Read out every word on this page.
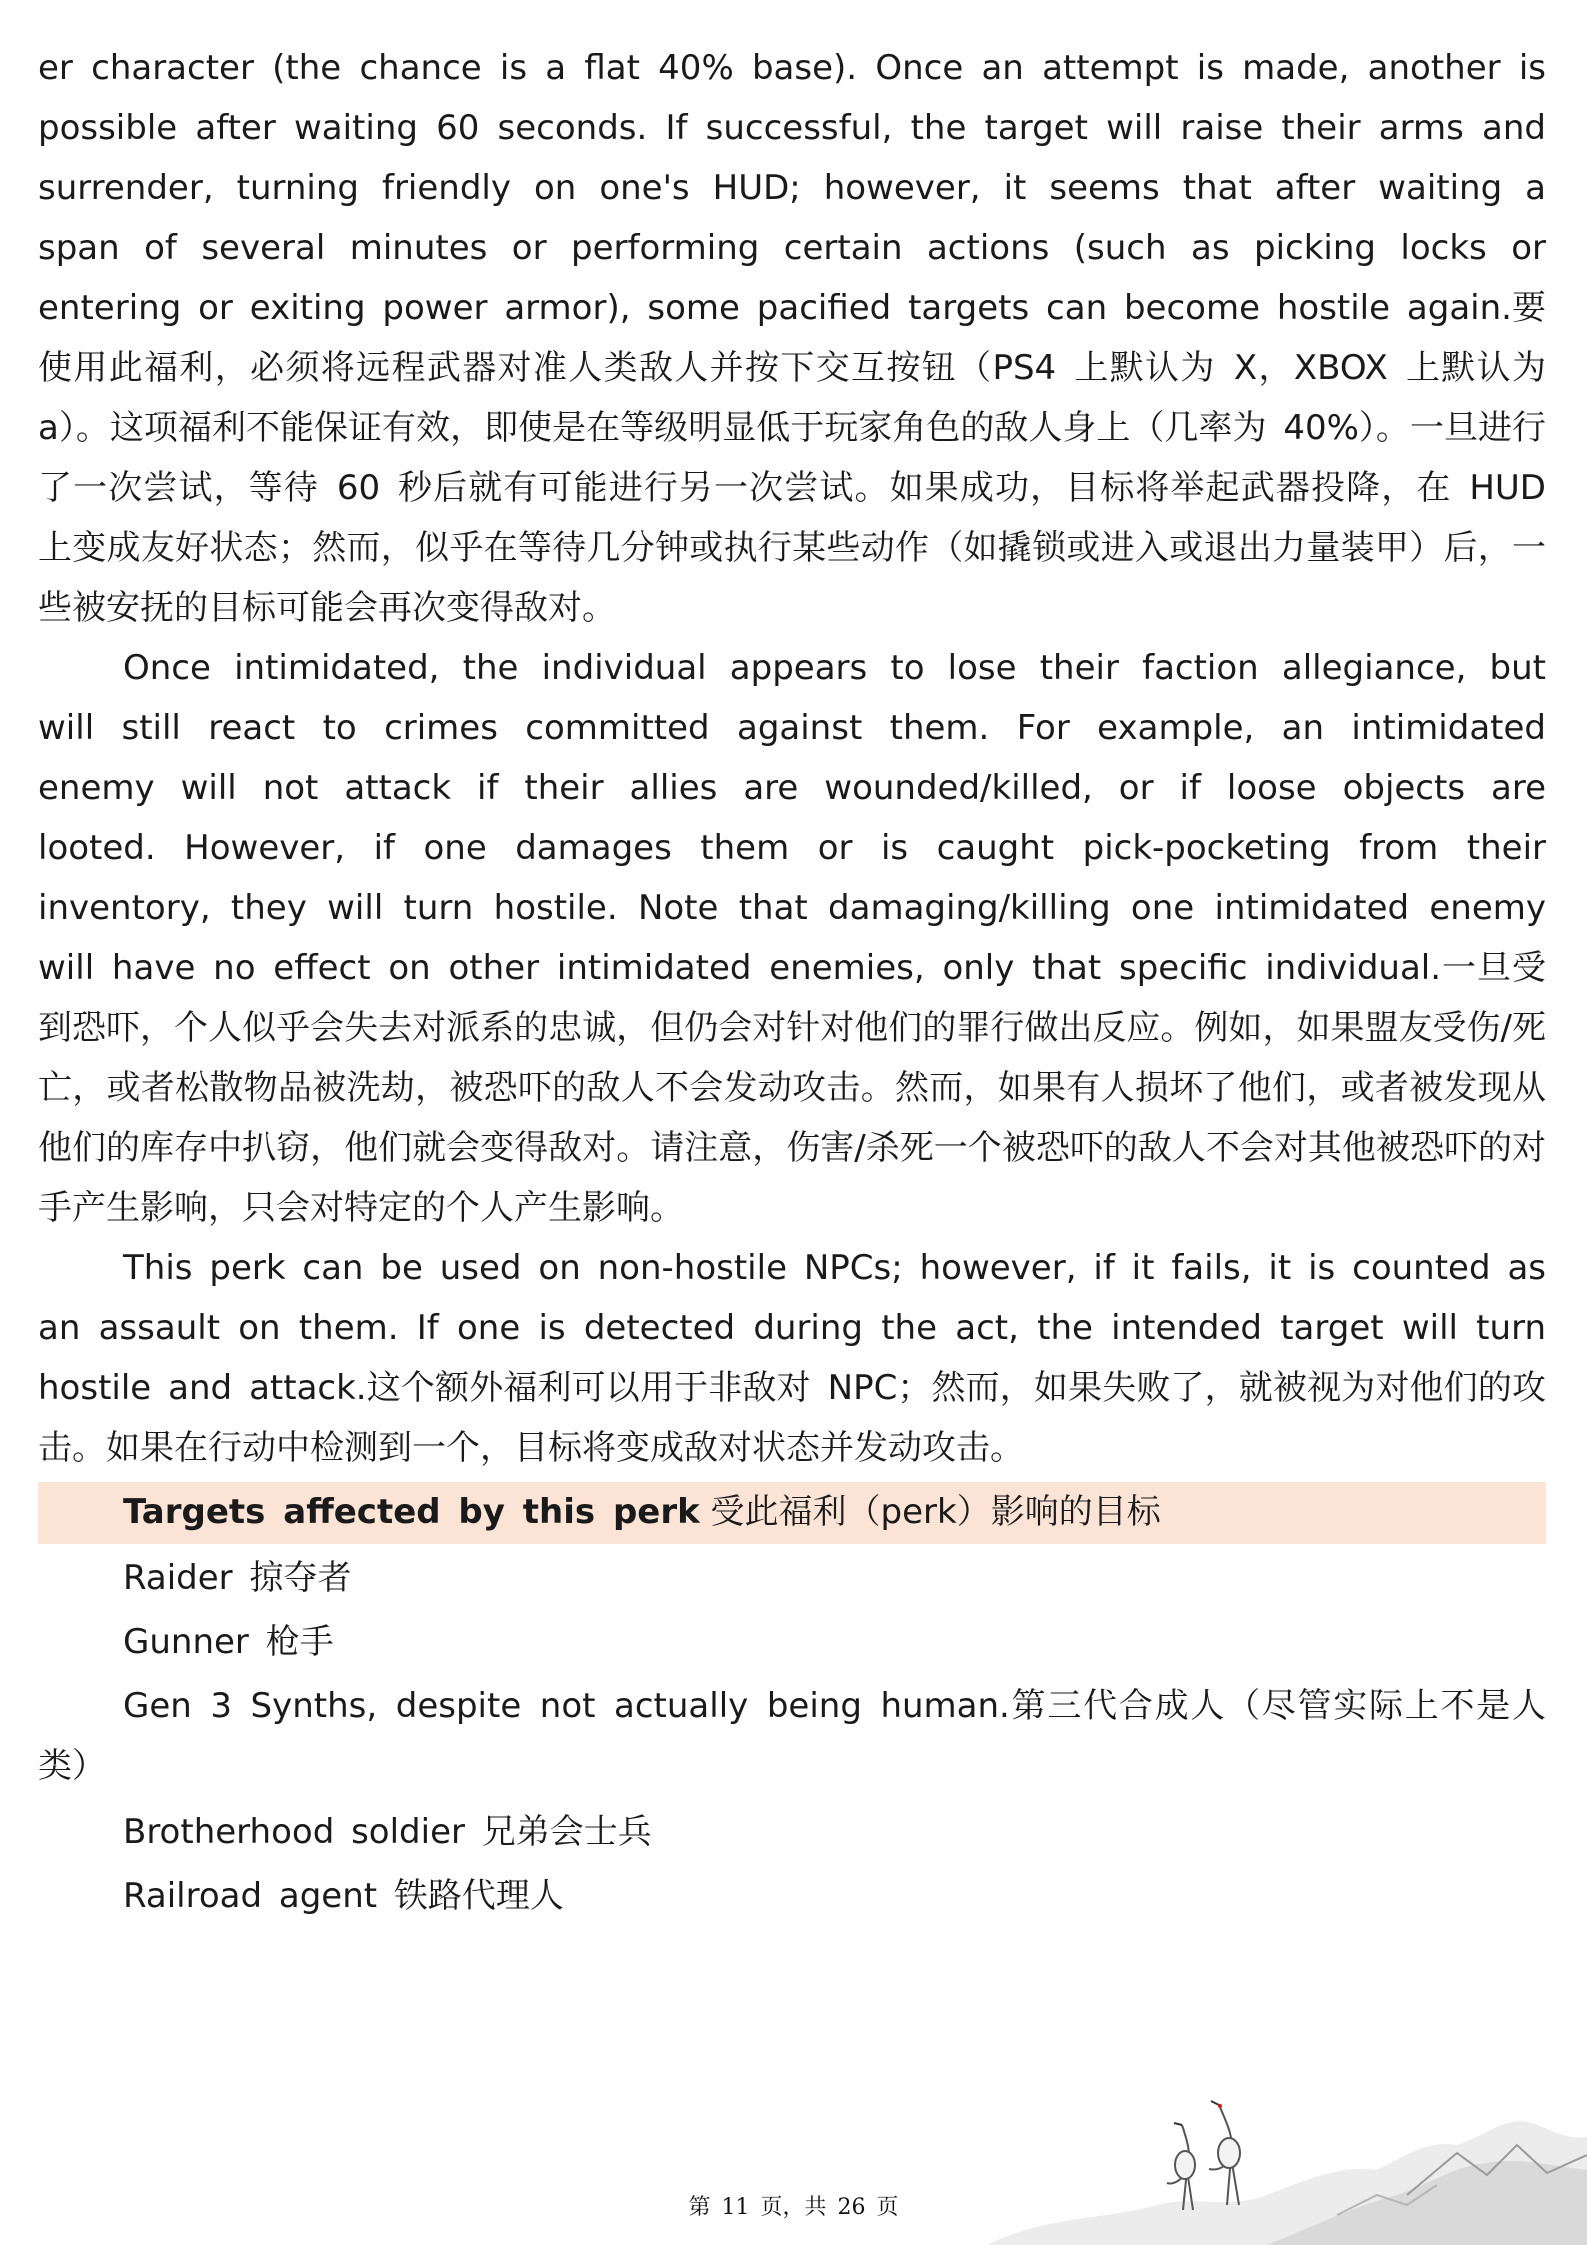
er character (the chance is a flat 40% base). Once an attempt is made, another is possible after waiting 60 seconds. If successful, the target will raise their arms and surrender, turning friendly on one's HUD; however, it seems that after waiting a span of several minutes or performing certain actions (such as picking locks or entering or exiting power armor), some pacified targets can become hostile again.要使用此福利，必须将远程武器对准人类敌人并按下交互按钮（PS4 上默认为 X，XBOX 上默认为 a）。这项福利不能保证有效，即使是在等级明显低于玩家角色的敌人身上（几率为 40%）。一旦进行了一次尝试，等待 60 秒后就有可能进行另一次尝试。如果成功，目标将举起武器投降，在 HUD 上变成友好状态；然而，似乎在等待几分钟或执行某些动作（如撬锁或进入或退出力量装甲）后，一些被安抚的目标可能会再次变得敌对。

Once intimidated, the individual appears to lose their faction allegiance, but will still react to crimes committed against them. For example, an intimidated enemy will not attack if their allies are wounded/killed, or if loose objects are looted. However, if one damages them or is caught pick-pocketing from their inventory, they will turn hostile. Note that damaging/killing one intimidated enemy will have no effect on other intimidated enemies, only that specific individual.一旦受到恐吓，个人似乎会失去对派系的忠诚，但仍会对针对他们的罪行做出反应。例如，如果盟友受伤/死亡，或者松散物品被洗劫，被恐吓的敌人不会发动攻击。然而，如果有人损坏了他们，或者被发现从他们的库存中扒窃，他们就会变得敌对。请注意，伤害/杀死一个被恐吓的敌人不会对其他被恐吓的对手产生影响，只会对特定的个人产生影响。

This perk can be used on non-hostile NPCs; however, if it fails, it is counted as an assault on them. If one is detected during the act, the intended target will turn hostile and attack.这个额外福利可以用于非敌对 NPC；然而，如果失败了，就被视为对他们的攻击。如果在行动中检测到一个，目标将变成敌对状态并发动攻击。

Targets affected by this perk 受此福利（perk）影响的目标

Raider 掠夺者

Gunner 枪手

Gen 3 Synths, despite not actually being human.第三代合成人（尽管实际上不是人类）

Brotherhood soldier 兄弟会士兵

Railroad agent 铁路代理人

第 11 页，共 26 页
